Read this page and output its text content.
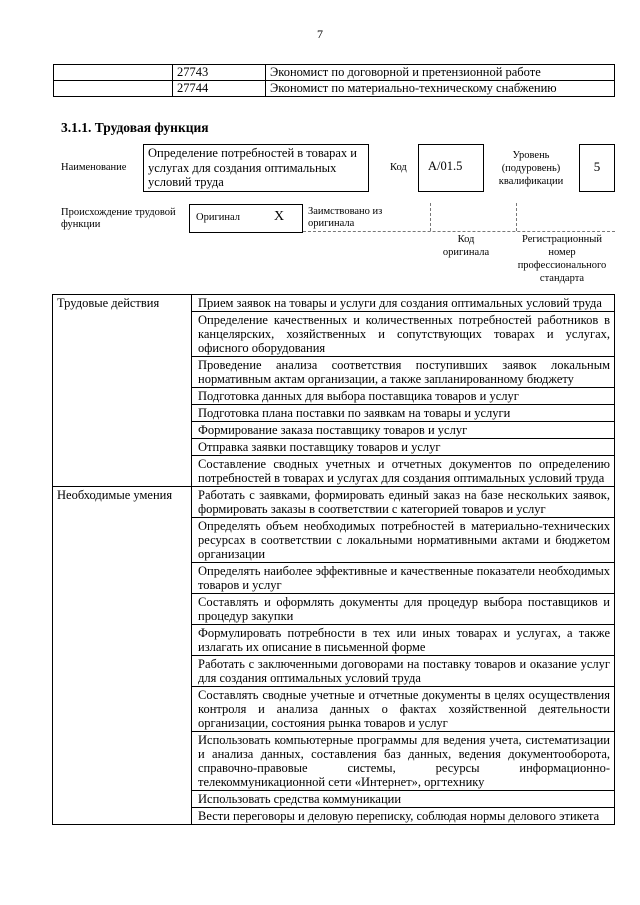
7
	27743	Экономист по договорной и претензионной работе
	27744	Экономист по материально-техническому снабжению
3.1.1. Трудовая функция
Наименование
Определение потребностей в товарах и услугах для создания оптимальных условий труда
Код	A/01.5
Уровень (подуровень) квалификации
5
Происхождение трудовой функции
Оригинал X Заимствовано из оригинала
Код оригинала
Регистрационный номер профессионального стандарта
Трудовые действия	Прием заявок на товары и услуги для создания оптимальных условий труда
	Определение качественных и количественных потребностей работников в канцелярских, хозяйственных и сопутствующих товарах и услугах, офисного оборудования
	Проведение анализа соответствия поступивших заявок локальным нормативным актам организации, а также запланированному бюджету
	Подготовка данных для выбора поставщика товаров и услуг
	Подготовка плана поставки по заявкам на товары и услуги
	Формирование заказа поставщику товаров и услуг
	Отправка заявки поставщику товаров и услуг
	Составление сводных учетных и отчетных документов по определению потребностей в товарах и услугах для создания оптимальных условий труда
Необходимые умения	Работать с заявками, формировать единый заказ на базе нескольких заявок, формировать заказы в соответствии с категорией товаров и услуг
	Определять объем необходимых потребностей в материально-технических ресурсах в соответствии с локальными нормативными актами и бюджетом организации
	Определять наиболее эффективные и качественные показатели необходимых товаров и услуг
	Составлять и оформлять документы для процедур выбора поставщиков и процедур закупки
	Формулировать потребности в тех или иных товарах и услугах, а также излагать их описание в письменной форме
	Работать с заключенными договорами на поставку товаров и оказание услуг для создания оптимальных условий труда
	Составлять сводные учетные и отчетные документы в целях осуществления контроля и анализа данных о фактах хозяйственной деятельности организации, состояния рынка товаров и услуг
	Использовать компьютерные программы для ведения учета, систематизации и анализа данных, составления баз данных, ведения документооборота, справочно-правовые системы, ресурсы информационно-телекоммуникационной сети «Интернет», оргтехнику
	Использовать средства коммуникации
	Вести переговоры и деловую переписку, соблюдая нормы делового этикета
